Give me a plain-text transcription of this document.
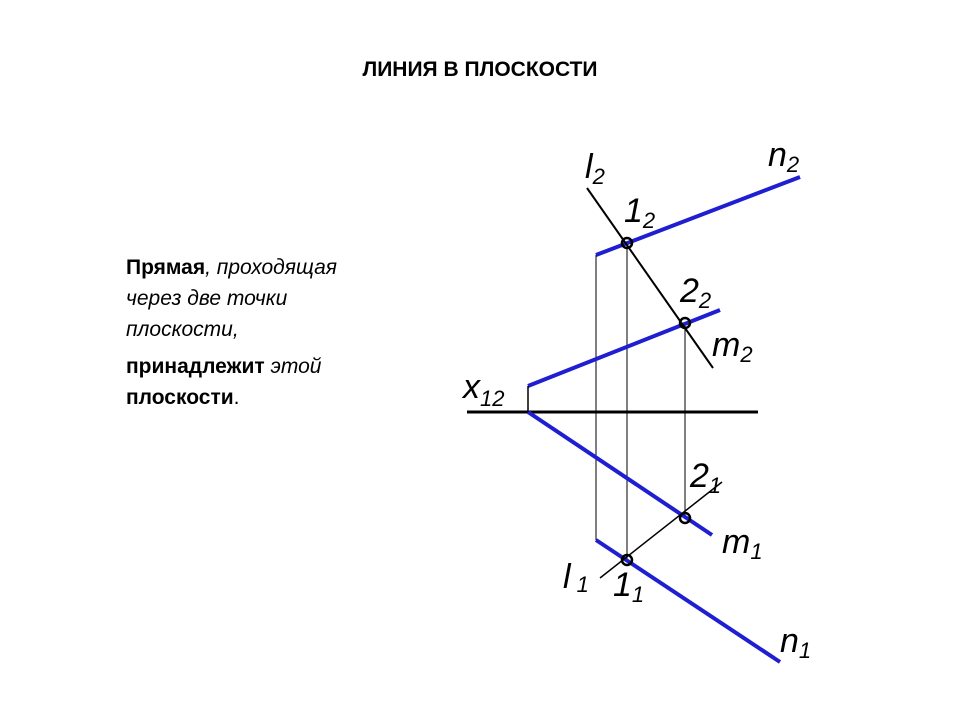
ЛИНИЯ В ПЛОСКОСТИ

Прямая, проходящая через две точки плоскости,

принадлежит этой плоскости.	x12
l2
n2
12
22
m2
21
m1
l 1 11
n1
